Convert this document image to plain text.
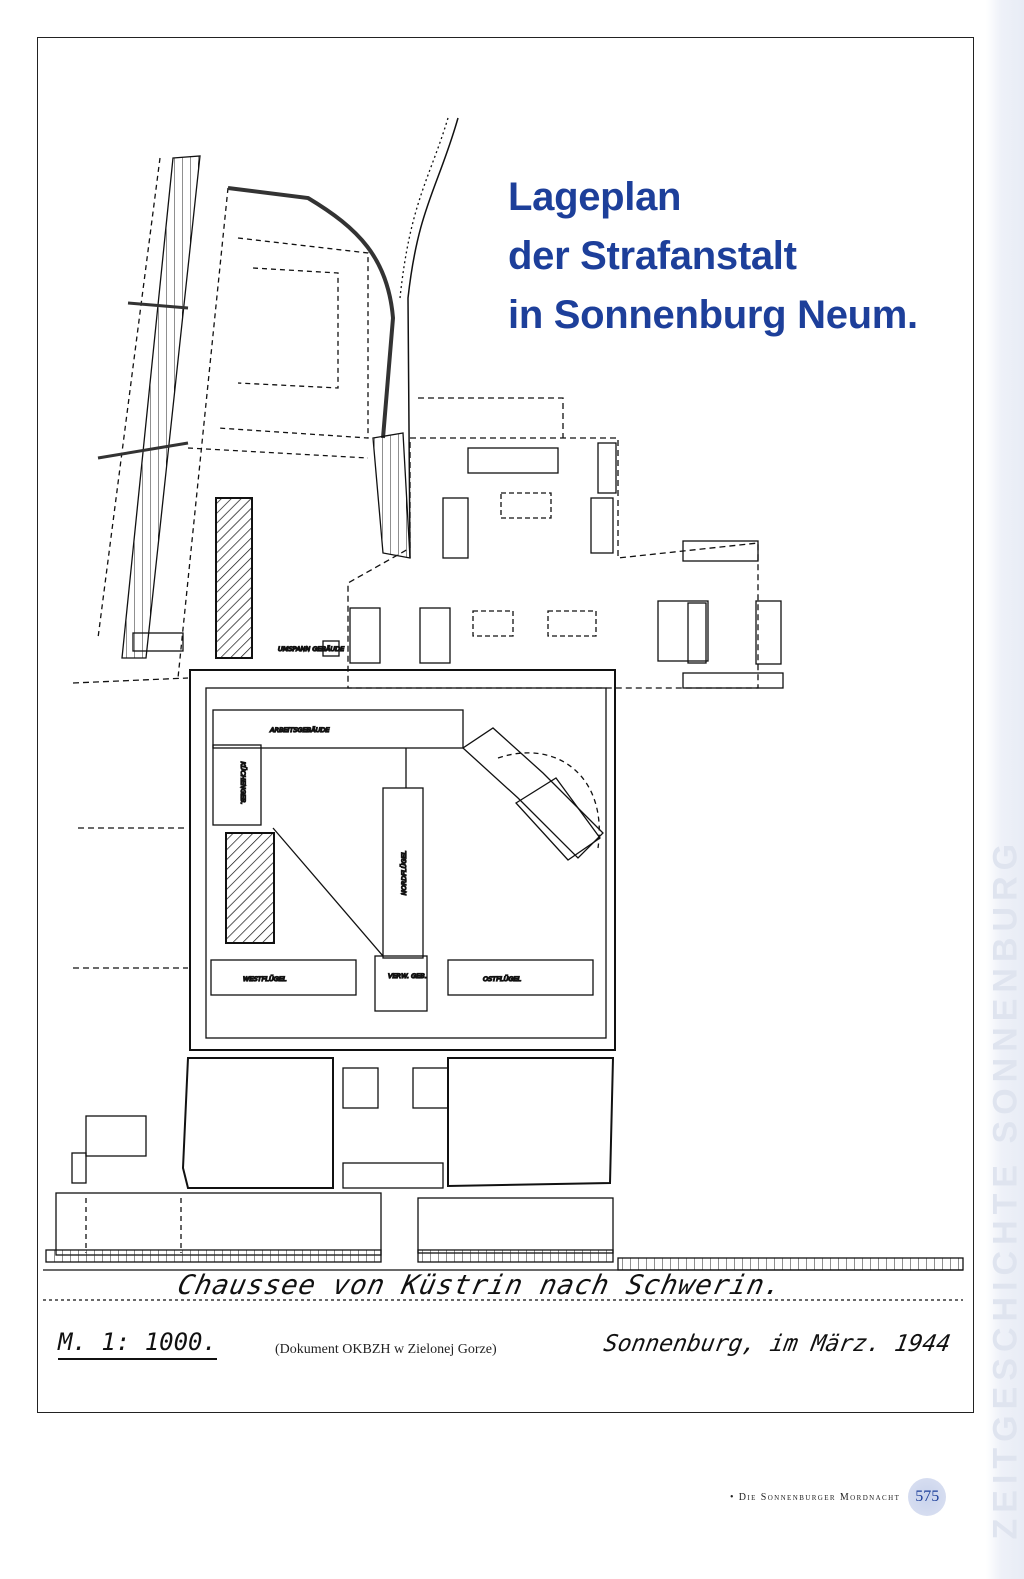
ZEITGESCHICHTE SONNENBURG
UMSPANN GEBÄUDE
ARBEITSGEBÄUDE
KÜCHENGEB.
NORDFLÜGEL
WESTFLÜGEL	VERW. GEB.	OSTFLÜGEL
Lageplan
der Strafanstalt
in Sonnenburg Neum.
Chaussee von Küstrin nach Schwerin.
M. 1: 1000.	(Dokument OKBZH w Zielonej Gorze)	Sonnenburg, im März. 1944
• Die Sonnenburger Mordnacht 575
